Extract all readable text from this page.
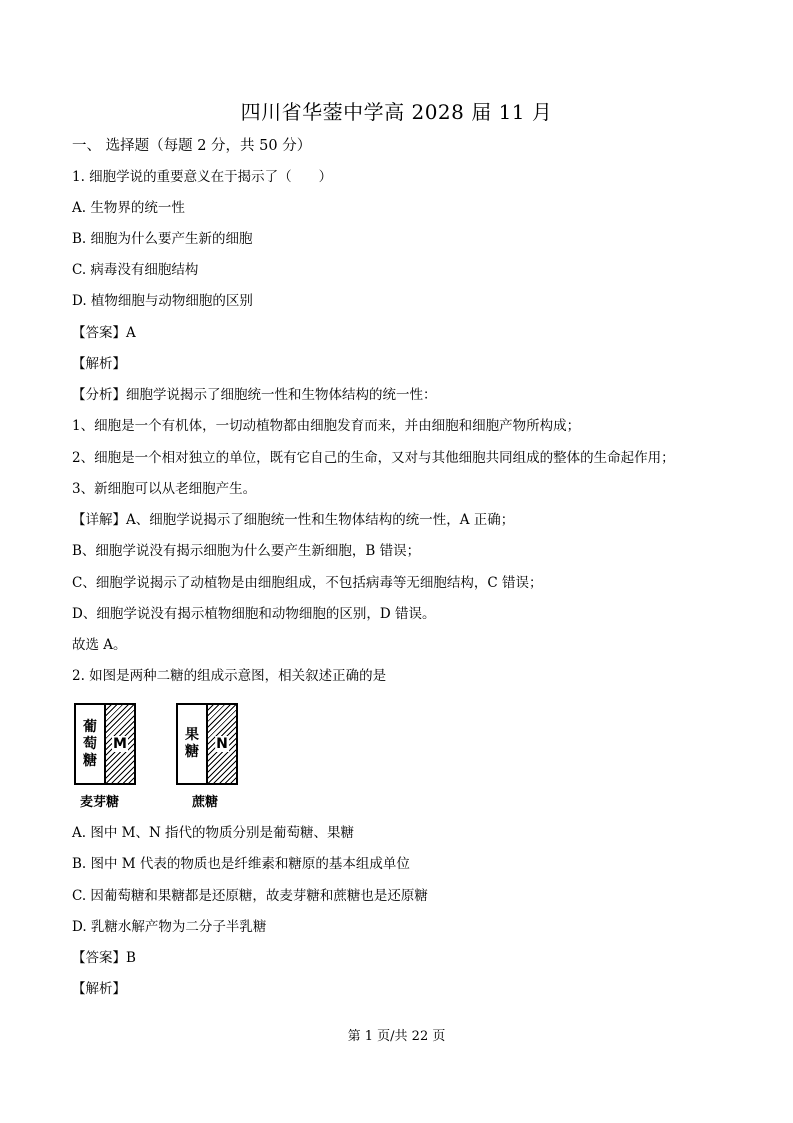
四川省华蓥中学高 2028 届 11 月
一、 选择题（每题 2 分，共 50 分）
1. 细胞学说的重要意义在于揭示了（　　）
A. 生物界的统一性
B. 细胞为什么要产生新的细胞
C. 病毒没有细胞结构
D. 植物细胞与动物细胞的区别
【答案】A
【解析】
【分析】细胞学说揭示了细胞统一性和生物体结构的统一性：
1、细胞是一个有机体，一切动植物都由细胞发育而来，并由细胞和细胞产物所构成；
2、细胞是一个相对独立的单位，既有它自己的生命，又对与其他细胞共同组成的整体的生命起作用；
3、新细胞可以从老细胞产生。
【详解】A、细胞学说揭示了细胞统一性和生物体结构的统一性，A 正确；
B、细胞学说没有揭示细胞为什么要产生新细胞，B 错误；
C、细胞学说揭示了动植物是由细胞组成，不包括病毒等无细胞结构，C 错误；
D、细胞学说没有揭示植物细胞和动物细胞的区别，D 错误。
故选 A。
2. 如图是两种二糖的组成示意图，相关叙述正确的是
葡
萄
糖
M
麦芽糖
果
糖 N
蔗糖
A. 图中 M、N 指代的物质分别是葡萄糖、果糖
B. 图中 M 代表的物质也是纤维素和糖原的基本组成单位
C. 因葡萄糖和果糖都是还原糖，故麦芽糖和蔗糖也是还原糖
D. 乳糖水解产物为二分子半乳糖
【答案】B
【解析】
第 1 页/共 22 页
